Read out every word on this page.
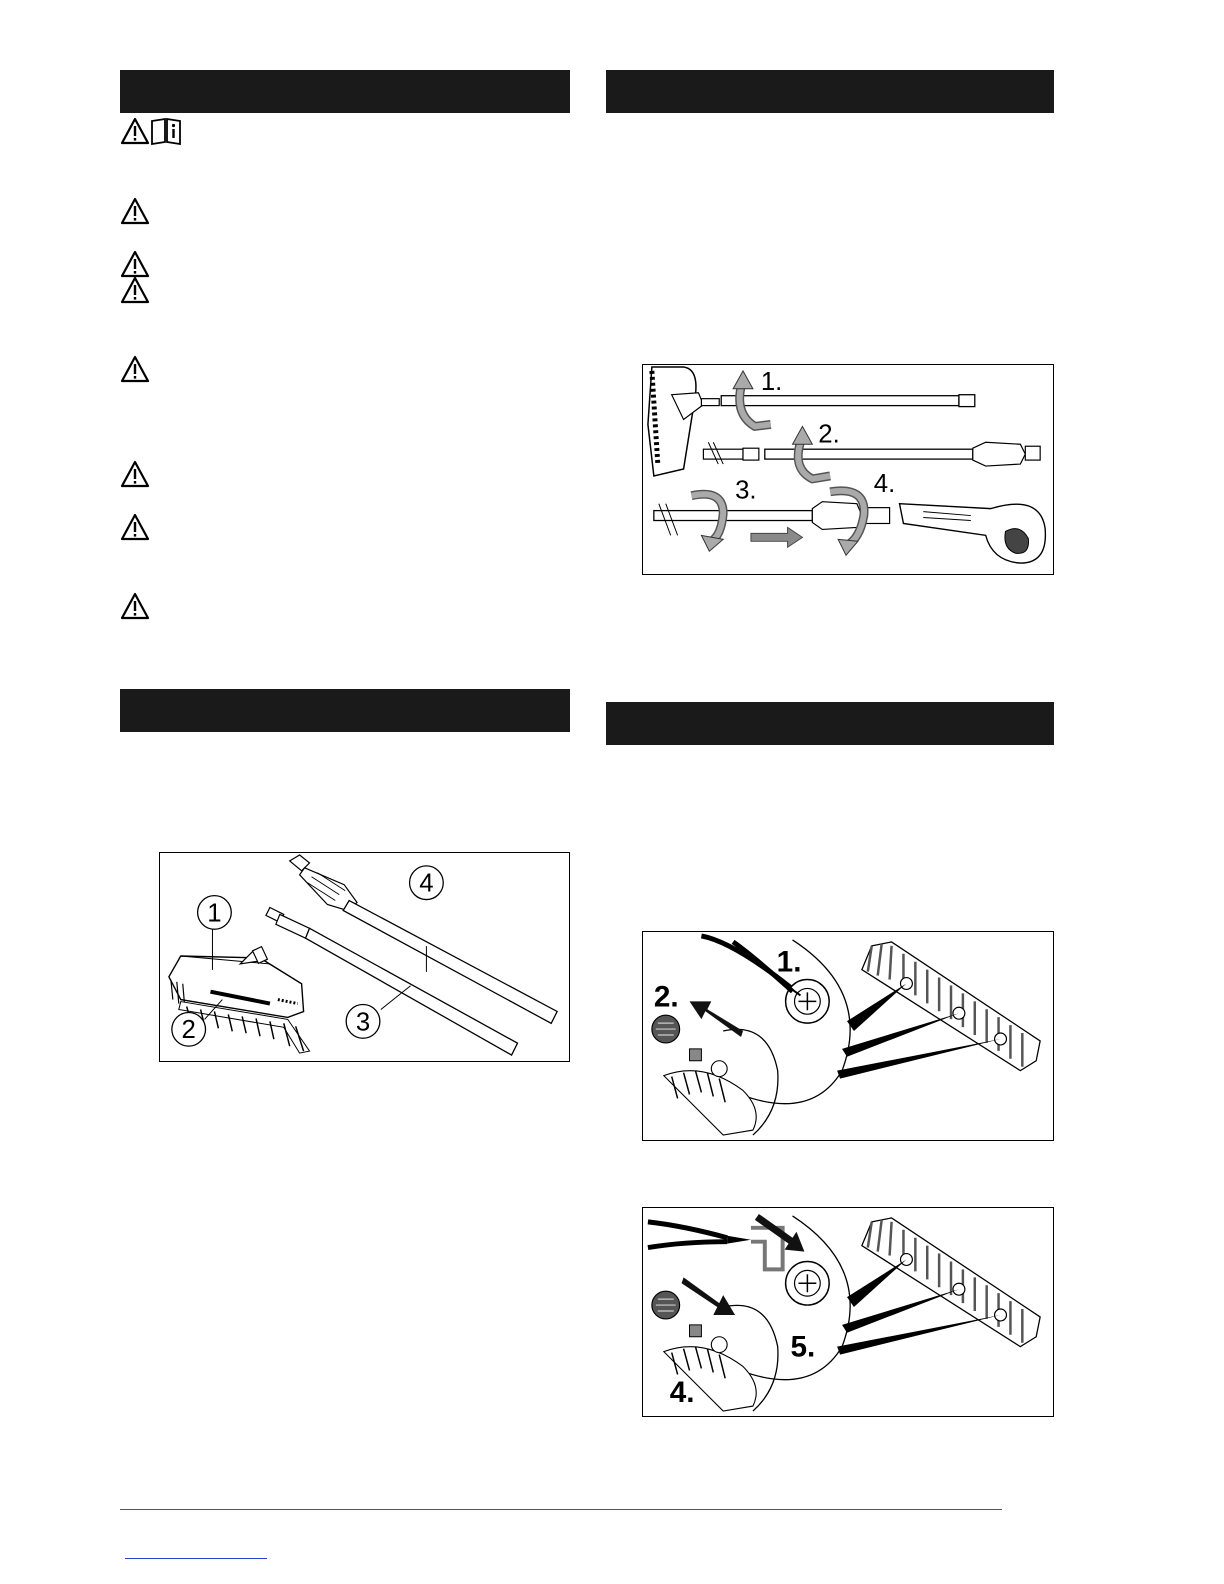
1.
2.
3.	4.
1
2	3
4
1.
2.
4.
5.
